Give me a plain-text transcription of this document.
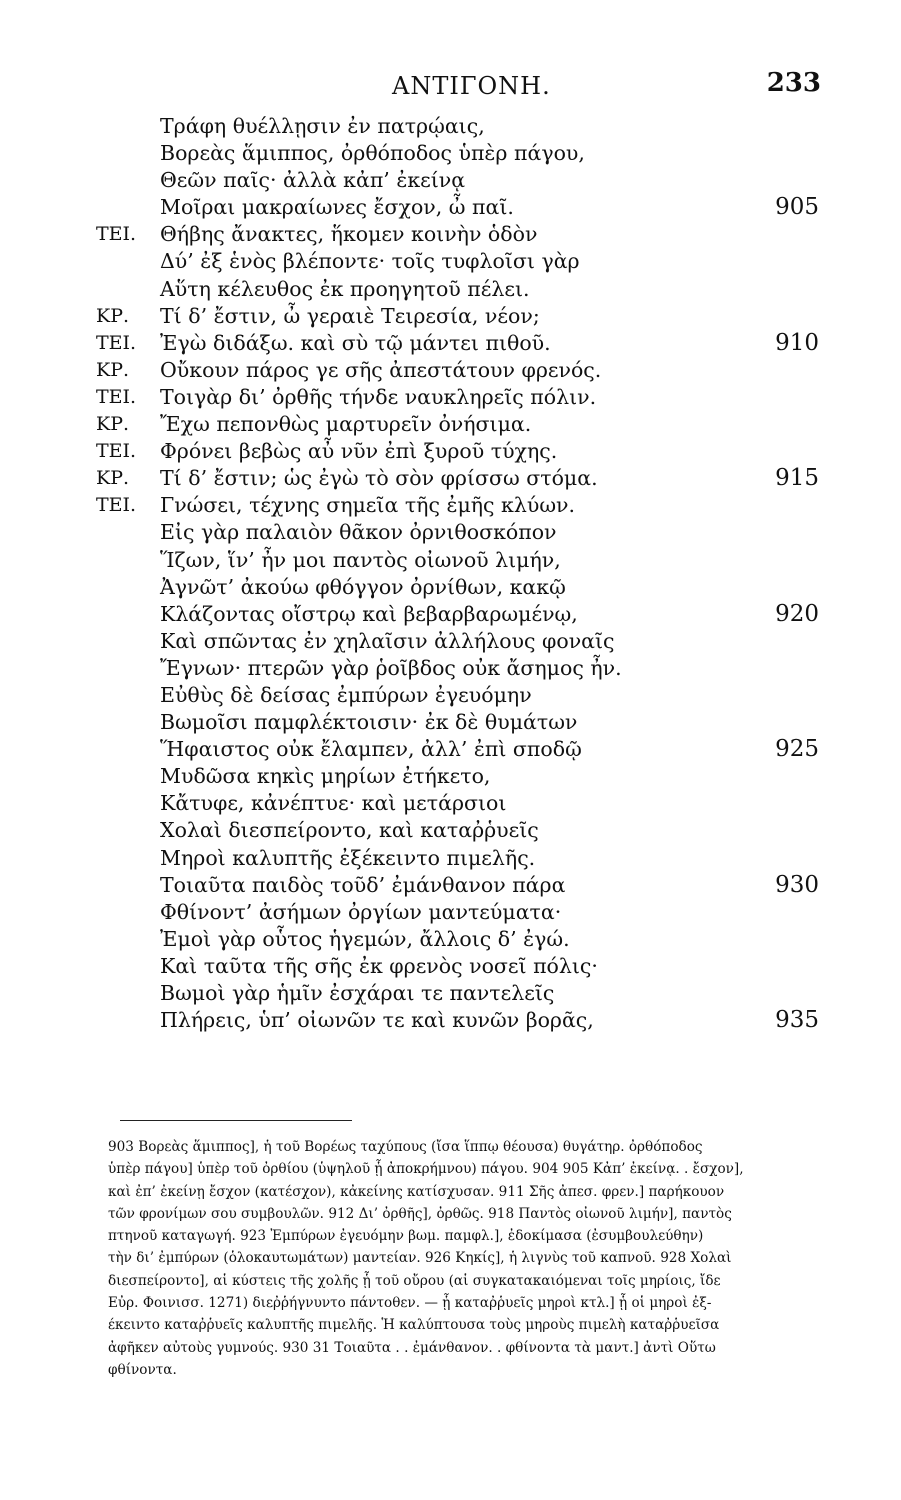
ΑΝΤΙΓΟΝΗ.	233
Τράφη θυέλλῃσιν ἐν πατρῴαις,
Βορεὰς ἅμιππος, ὀρθόποδος ὑπὲρ πάγου,
Θεῶν παῖς· ἀλλὰ κἀπ’ ἐκείνᾳ
Μοῖραι μακραίωνες ἔσχον, ὦ παῖ.	905
ΤΕΙ. Θήβης ἄνακτες, ἥκομεν κοινὴν ὁδὸν
Δύ’ ἐξ ἑνὸς βλέποντε· τοῖς τυφλοῖσι γὰρ
Αὕτη κέλευθος ἐκ προηγητοῦ πέλει.
ΚΡ. Τί δ’ ἔστιν, ὦ γεραιὲ Τειρεσία, νέον;
ΤΕΙ. Ἐγὼ διδάξω. καὶ σὺ τῷ μάντει πιθοῦ.	910
ΚΡ. Οὔκουν πάρος γε σῆς ἀπεστάτουν φρενός.
ΤΕΙ. Τοιγὰρ δι’ ὀρθῆς τήνδε ναυκληρεῖς πόλιν.
ΚΡ. Ἔχω πεπονθὼς μαρτυρεῖν ὀνήσιμα.
ΤΕΙ. Φρόνει βεβὼς αὖ νῦν ἐπὶ ξυροῦ τύχης.
ΚΡ. Τί δ’ ἔστιν; ὡς ἐγὼ τὸ σὸν φρίσσω στόμα.	915
ΤΕΙ. Γνώσει, τέχνης σημεῖα τῆς ἐμῆς κλύων.
Εἰς γὰρ παλαιὸν θᾶκον ὀρνιθοσκόπον
Ἵζων, ἵν’ ἦν μοι παντὸς οἰωνοῦ λιμήν,
Ἀγνῶτ’ ἀκούω φθόγγον ὀρνίθων, κακῷ
Κλάζοντας οἴστρῳ καὶ βεβαρβαρωμένῳ,	920
Καὶ σπῶντας ἐν χηλαῖσιν ἀλλήλους φοναῖς
Ἔγνων· πτερῶν γὰρ ῥοῖβδος οὐκ ἄσημος ἦν.
Εὐθὺς δὲ δείσας ἐμπύρων ἐγευόμην
Βωμοῖσι παμφλέκτοισιν· ἐκ δὲ θυμάτων
Ἥφαιστος οὐκ ἔλαμπεν, ἀλλ’ ἐπὶ σποδῷ	925
Μυδῶσα κηκὶς μηρίων ἐτήκετο,
Κἄτυφε, κἀνέπτυε· καὶ μετάρσιοι
Χολαὶ διεσπείροντο, καὶ καταῤῥυεῖς
Μηροὶ καλυπτῆς ἐξέκειντο πιμελῆς.
Τοιαῦτα παιδὸς τοῦδ’ ἐμάνθανον πάρα	930
Φθίνοντ’ ἀσήμων ὀργίων μαντεύματα·
Ἐμοὶ γὰρ οὗτος ἡγεμών, ἄλλοις δ’ ἐγώ.
Καὶ ταῦτα τῆς σῆς ἐκ φρενὸς νοσεῖ πόλις·
Βωμοὶ γὰρ ἡμῖν ἐσχάραι τε παντελεῖς
Πλήρεις, ὑπ’ οἰωνῶν τε καὶ κυνῶν βορᾶς,	935
903 Βορεὰς ἅμιππος], ἡ τοῦ Βορέως ταχύπους (ἴσα ἵππῳ θέουσα) θυγάτηρ. ὀρθόποδος
ὑπὲρ πάγου] ὑπὲρ τοῦ ὀρθίου (ὑψηλοῦ ᾗ ἀποκρήμνου) πάγου. 904 905 Κἀπ’ ἐκείνᾳ. . ἔσχον],
καὶ ἐπ’ ἐκείνῃ ἔσχον (κατέσχον), κἀκείνης κατίσχυσαν. 911 Σῆς ἀπεσ. φρεν.] παρήκουον
τῶν φρονίμων σου συμβουλῶν. 912 Δι’ ὀρθῆς], ὀρθῶς. 918 Παντὸς οἰωνοῦ λιμήν], παντὸς
πτηνοῦ καταγωγή. 923 Ἐμπύρων ἐγευόμην βωμ. παμφλ.], ἐδοκίμασα (ἐσυμβουλεύθην)
τὴν δι’ ἐμπύρων (ὁλοκαυτωμάτων) μαντείαν. 926 Κηκίς], ἡ λιγνὺς τοῦ καπνοῦ. 928 Χολαὶ
διεσπείροντο], αἱ κύστεις τῆς χολῆς ᾗ τοῦ οὔρου (αἱ συγκατακαιόμεναι τοῖς μηρίοις, ἴδε
Εὐρ. Φοινισσ. 1271) διεῤῥήγνυντο πάντοθεν. — ᾗ καταῤῥυεῖς μηροὶ κτλ.] ᾗ οἱ μηροὶ ἐξ-
έκειντο καταῤῥυεῖς καλυπτῆς πιμελῆς. Ἡ καλύπτουσα τοὺς μηροὺς πιμελὴ καταῤῥυεῖσα
ἀφῆκεν αὐτοὺς γυμνούς. 930 31 Τοιαῦτα . . ἐμάνθανον. . φθίνοντα τὰ μαντ.] ἀντὶ Οὕτω
φθίνοντα.
